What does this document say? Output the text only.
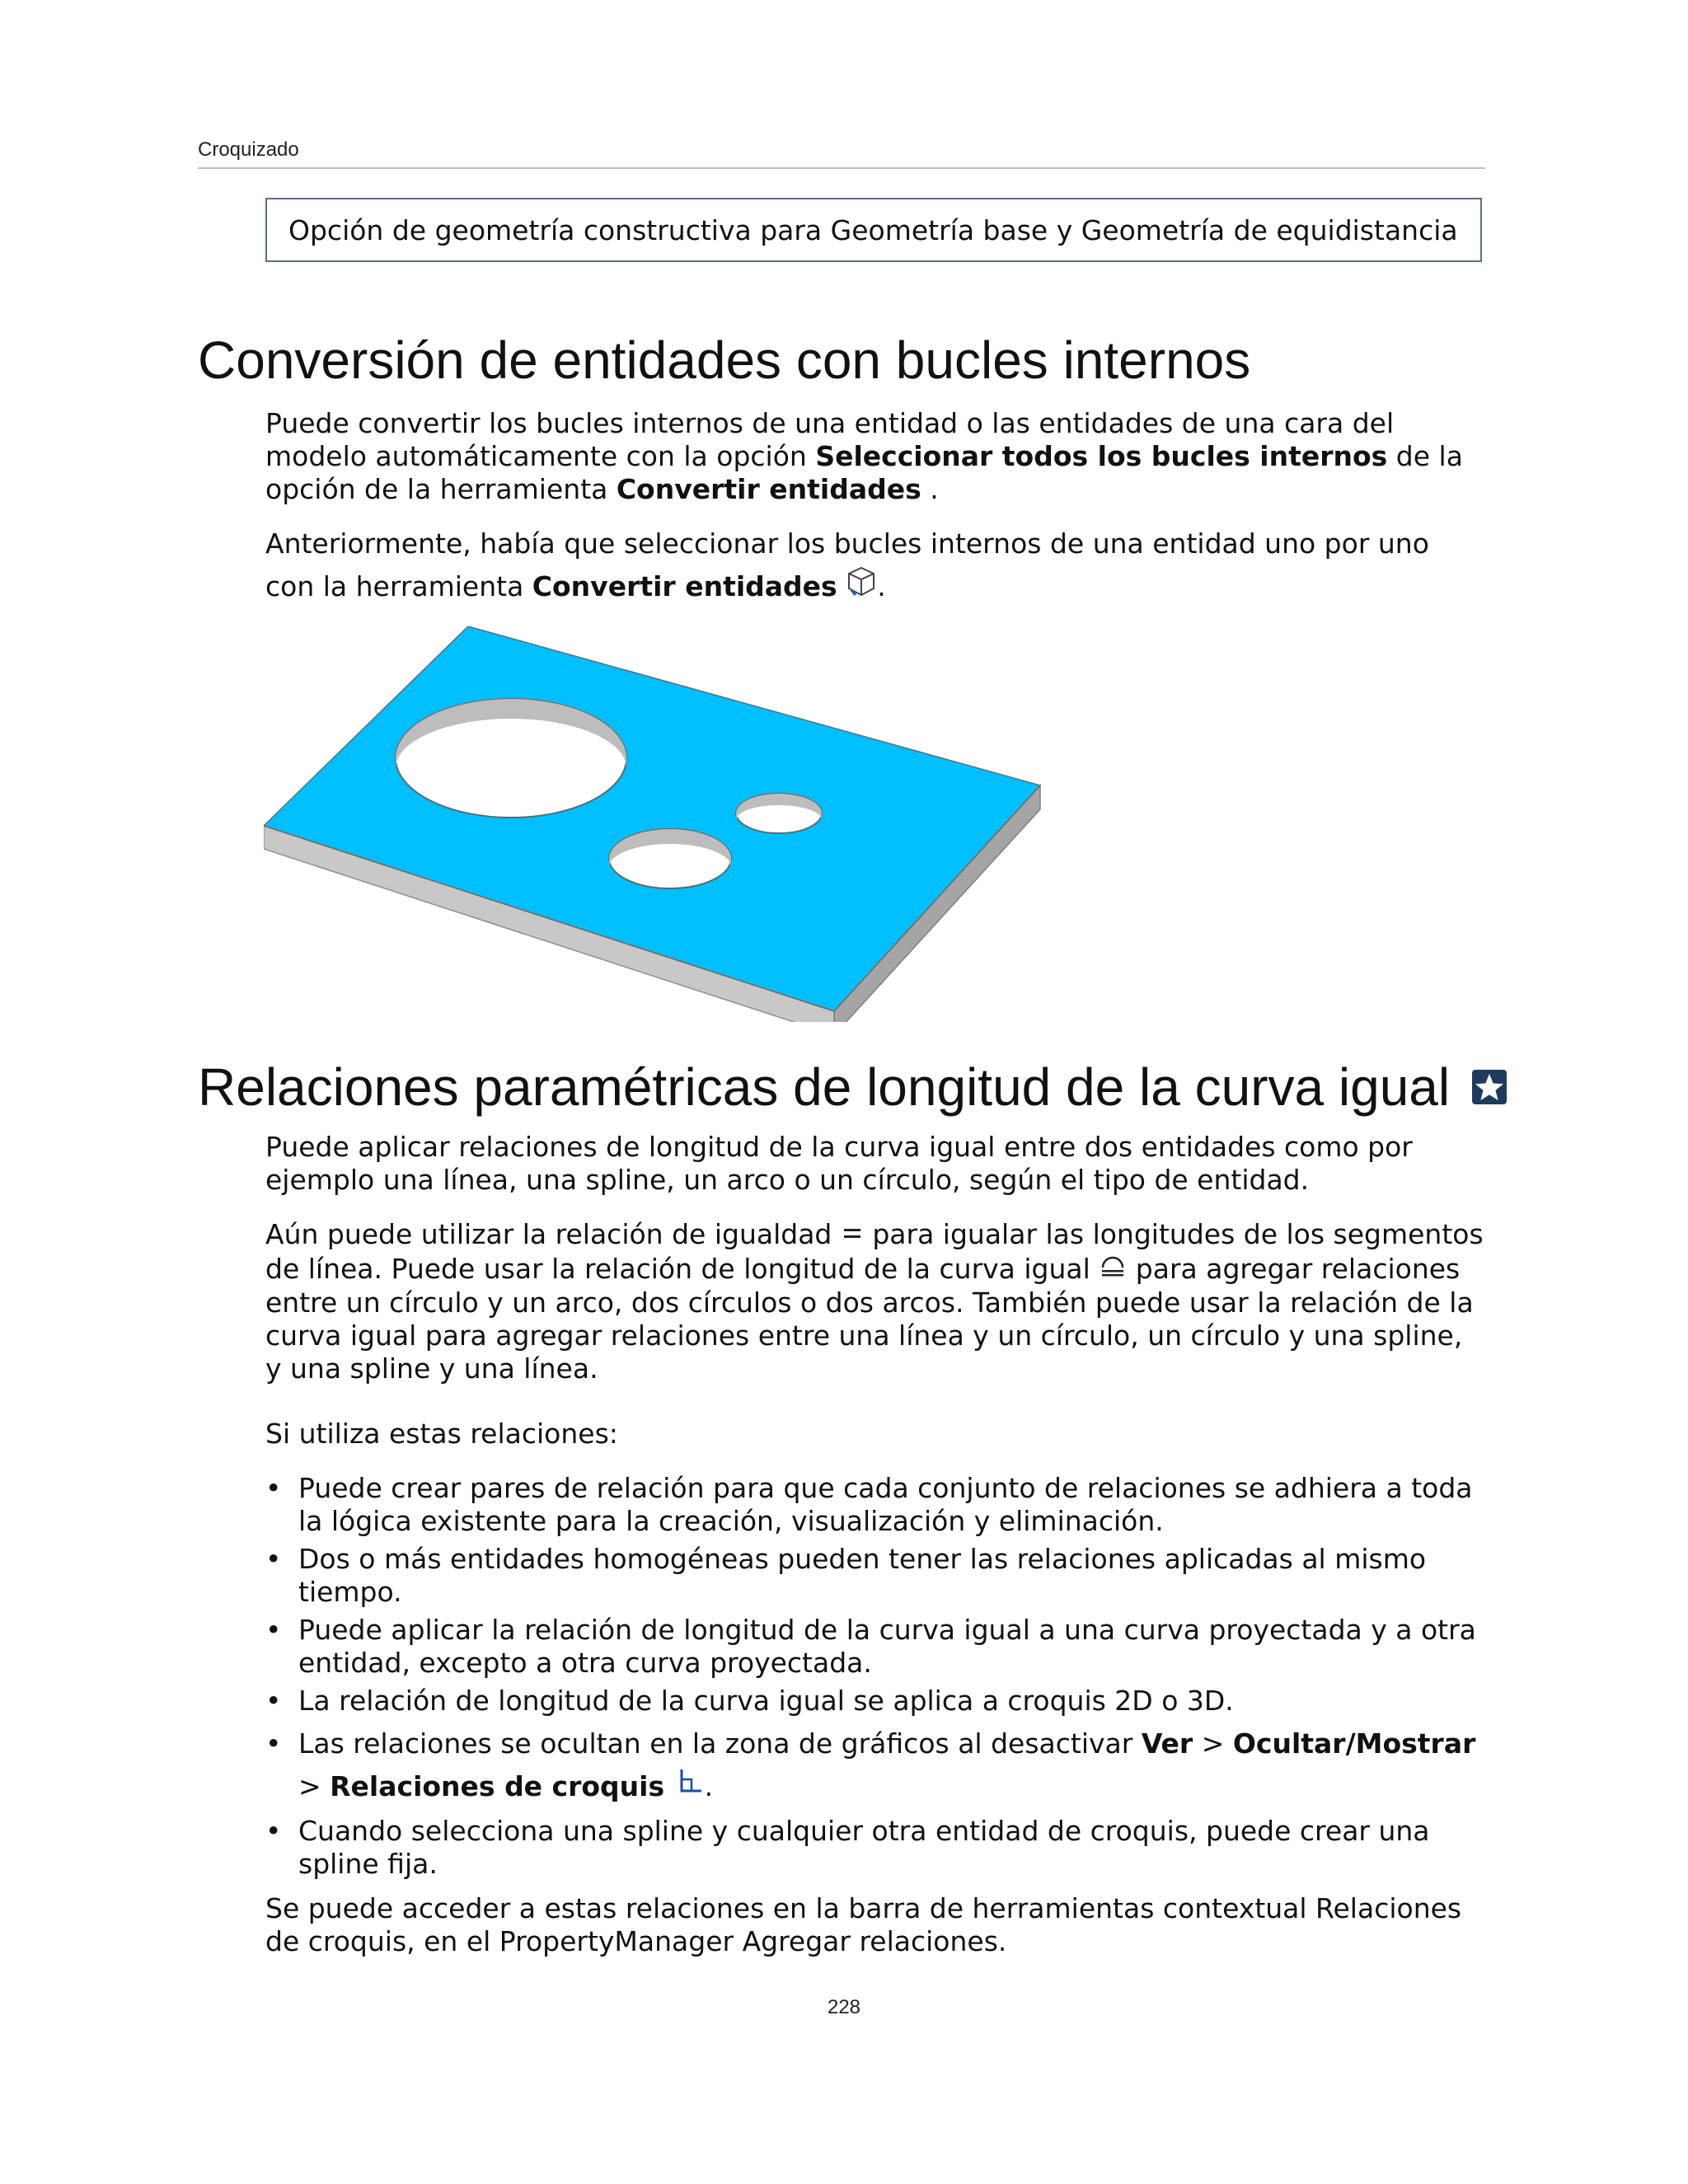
Croquizado
Opción de geometría constructiva para Geometría base y Geometría de equidistancia
Conversión de entidades con bucles internos

Puede convertir los bucles internos de una entidad o las entidades de una cara del modelo automáticamente con la opción Seleccionar todos los bucles internos de la opción de la herramienta Convertir entidades .

Anteriormente, había que seleccionar los bucles internos de una entidad uno por uno con la herramienta Convertir entidades .

Relaciones paramétricas de longitud de la curva igual

Puede aplicar relaciones de longitud de la curva igual entre dos entidades como por ejemplo una línea, una spline, un arco o un círculo, según el tipo de entidad.

Aún puede utilizar la relación de igualdad  para igualar las longitudes de los segmentos de línea. Puede usar la relación de longitud de la curva igual  para agregar relaciones entre un círculo y un arco, dos círculos o dos arcos. También puede usar la relación de la curva igual para agregar relaciones entre una línea y un círculo, un círculo y una spline, y una spline y una línea.

Si utiliza estas relaciones:

• Puede crear pares de relación para que cada conjunto de relaciones se adhiera a toda la lógica existente para la creación, visualización y eliminación.
• Dos o más entidades homogéneas pueden tener las relaciones aplicadas al mismo tiempo.
• Puede aplicar la relación de longitud de la curva igual a una curva proyectada y a otra entidad, excepto a otra curva proyectada.
• La relación de longitud de la curva igual se aplica a croquis 2D o 3D.
• Las relaciones se ocultan en la zona de gráficos al desactivar Ver > Ocultar/Mostrar > Relaciones de croquis .
• Cuando selecciona una spline y cualquier otra entidad de croquis, puede crear una spline fija.

Se puede acceder a estas relaciones en la barra de herramientas contextual Relaciones de croquis, en el PropertyManager Agregar relaciones.

228
